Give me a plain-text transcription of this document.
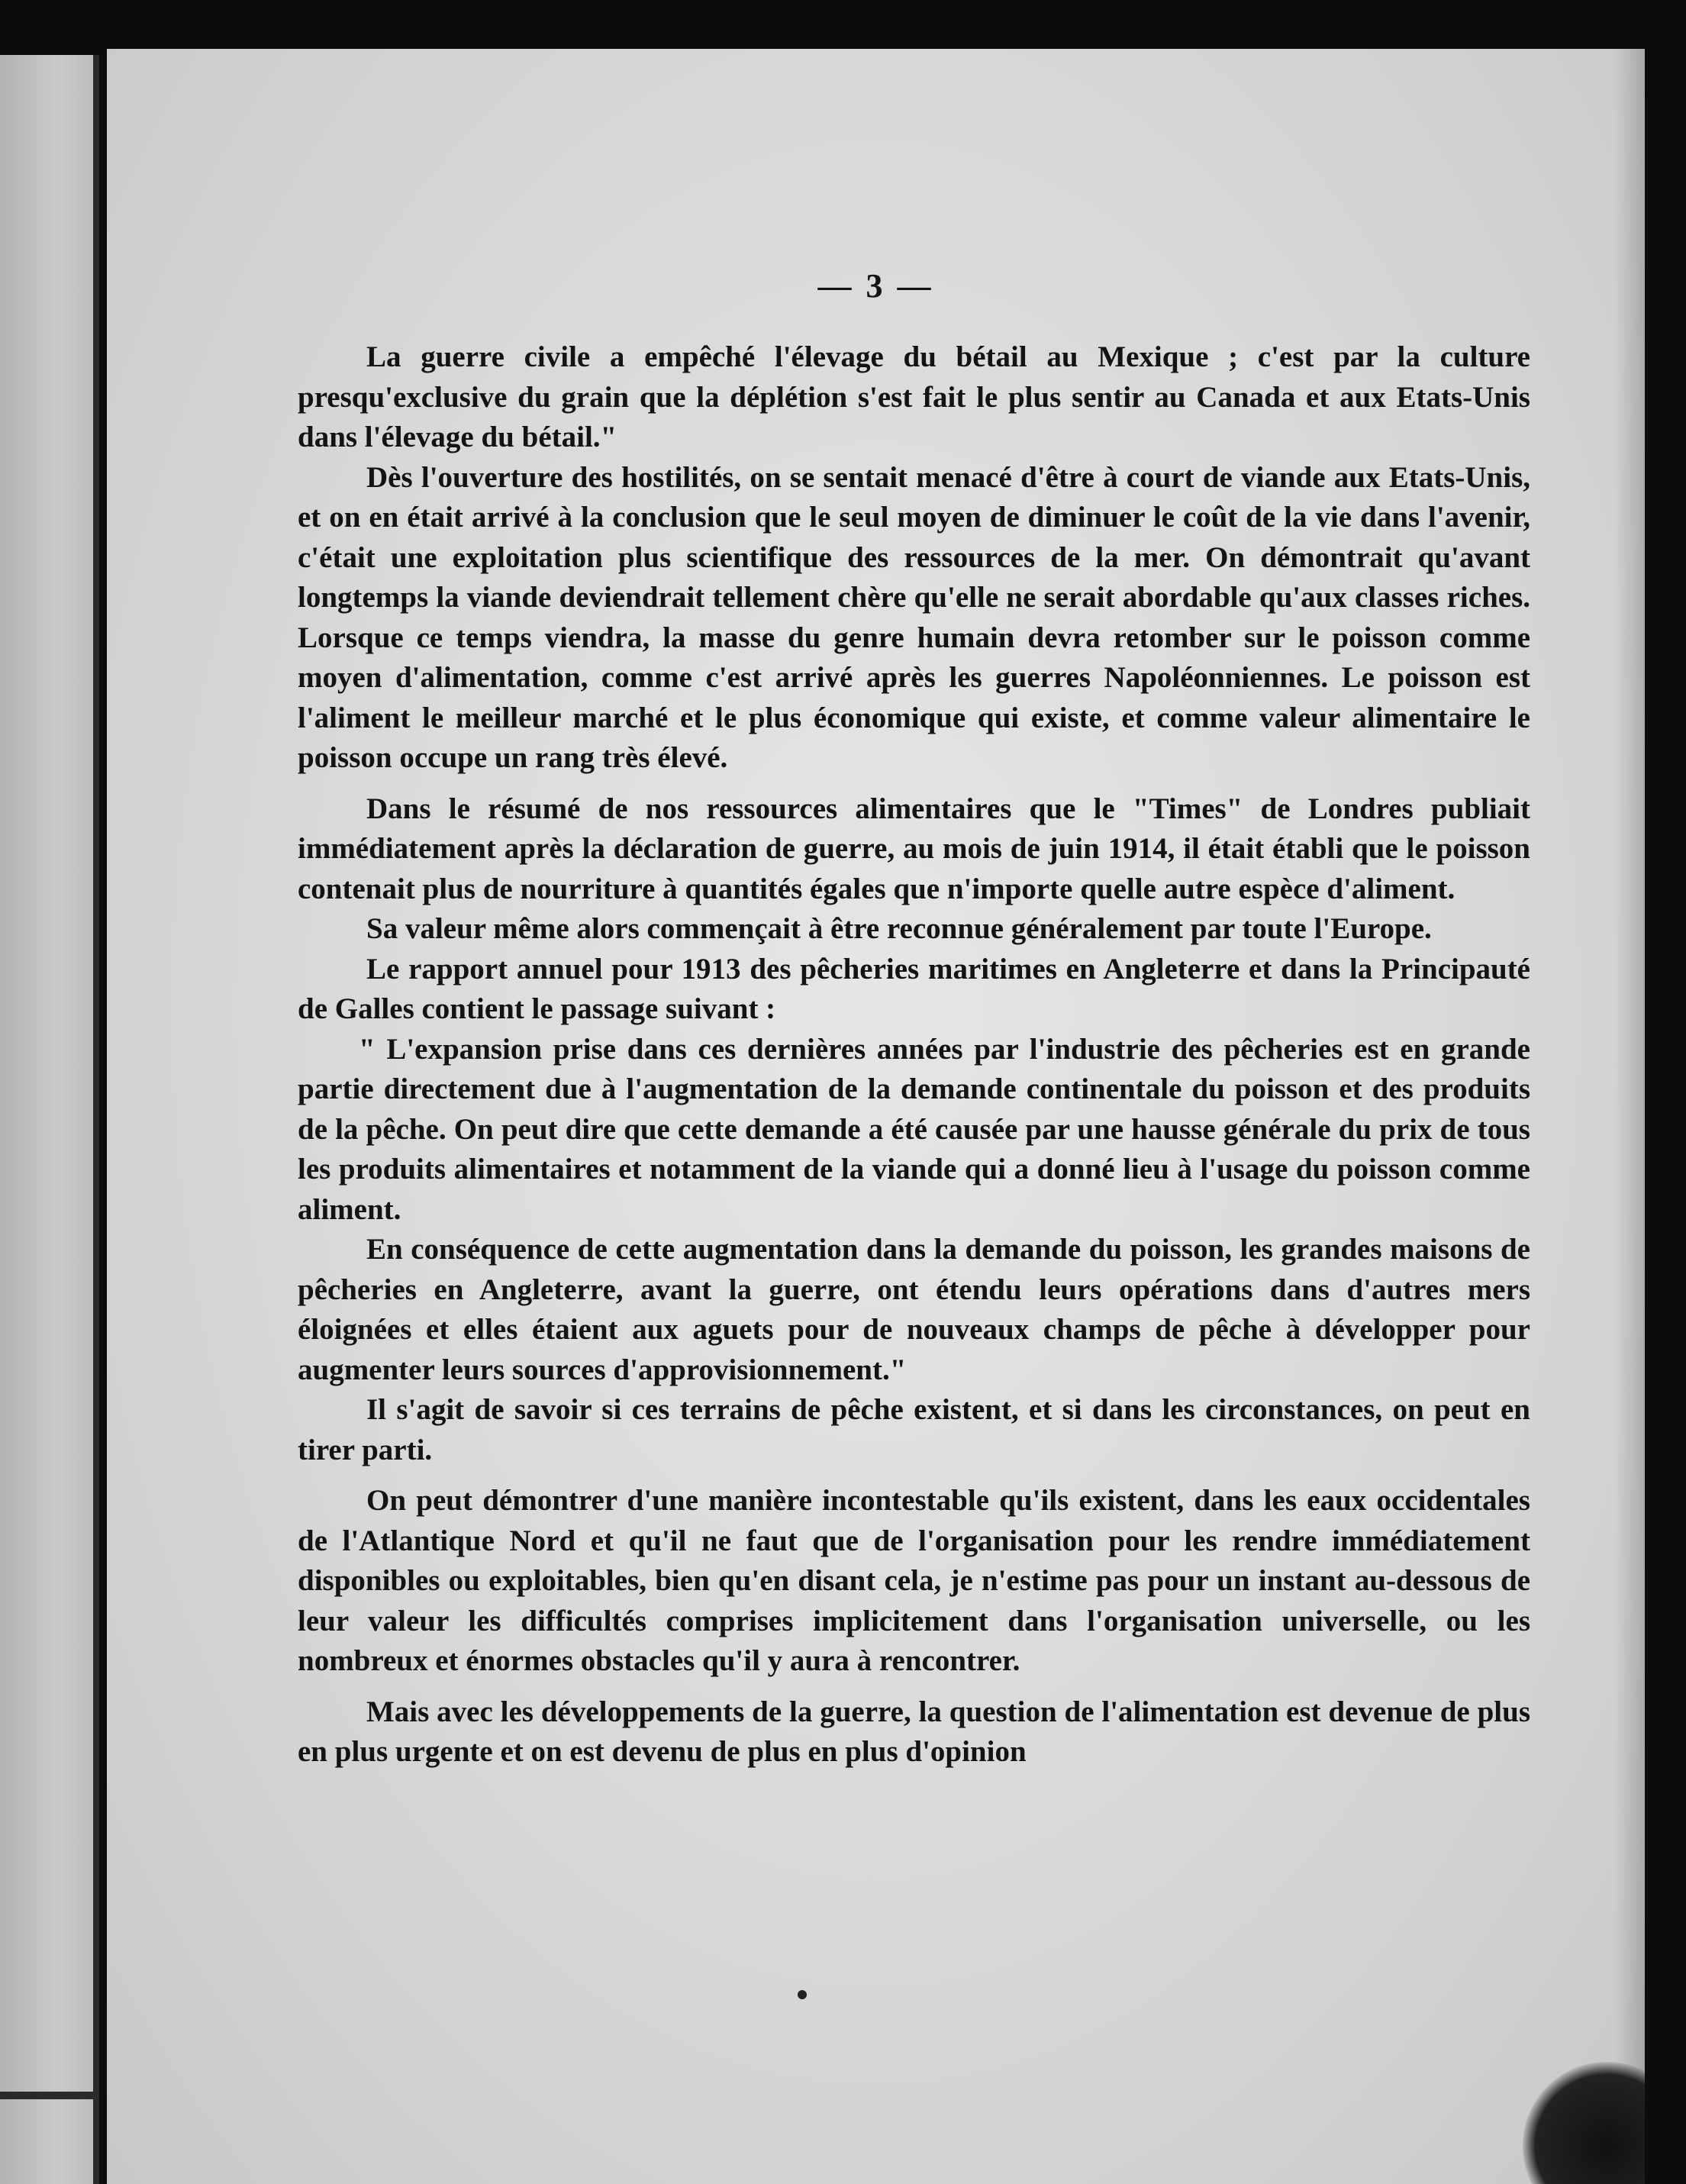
— 3 —

La guerre civile a empêché l'élevage du bétail au Mexique ; c'est par la culture presqu'exclusive du grain que la déplétion s'est fait le plus sentir au Canada et aux Etats-Unis dans l'élevage du bétail."

Dès l'ouverture des hostilités, on se sentait menacé d'être à court de viande aux Etats-Unis, et on en était arrivé à la conclusion que le seul moyen de diminuer le coût de la vie dans l'avenir, c'était une exploitation plus scientifique des ressources de la mer. On démontrait qu'avant longtemps la viande deviendrait tellement chère qu'elle ne serait abordable qu'aux classes riches. Lorsque ce temps viendra, la masse du genre humain devra retomber sur le poisson comme moyen d'alimentation, comme c'est arrivé après les guerres Napoléonniennes. Le poisson est l'aliment le meilleur marché et le plus économique qui existe, et comme valeur alimentaire le poisson occupe un rang très élevé.

Dans le résumé de nos ressources alimentaires que le "Times" de Londres publiait immédiatement après la déclaration de guerre, au mois de juin 1914, il était établi que le poisson contenait plus de nourriture à quantités égales que n'importe quelle autre espèce d'aliment.

Sa valeur même alors commençait à être reconnue généralement par toute l'Europe.

Le rapport annuel pour 1913 des pêcheries maritimes en Angleterre et dans la Principauté de Galles contient le passage suivant :

" L'expansion prise dans ces dernières années par l'industrie des pêcheries est en grande partie directement due à l'augmentation de la demande continentale du poisson et des produits de la pêche. On peut dire que cette demande a été causée par une hausse générale du prix de tous les produits alimentaires et notamment de la viande qui a donné lieu à l'usage du poisson comme aliment.

En conséquence de cette augmentation dans la demande du poisson, les grandes maisons de pêcheries en Angleterre, avant la guerre, ont étendu leurs opérations dans d'autres mers éloignées et elles étaient aux aguets pour de nouveaux champs de pêche à développer pour augmenter leurs sources d'approvisionnement."

Il s'agit de savoir si ces terrains de pêche existent, et si dans les circonstances, on peut en tirer parti.

On peut démontrer d'une manière incontestable qu'ils existent, dans les eaux occidentales de l'Atlantique Nord et qu'il ne faut que de l'organisation pour les rendre immédiatement disponibles ou exploitables, bien qu'en disant cela, je n'estime pas pour un instant au-dessous de leur valeur les difficultés comprises implicitement dans l'organisation universelle, ou les nombreux et énormes obstacles qu'il y aura à rencontrer.

Mais avec les développements de la guerre, la question de l'alimentation est devenue de plus en plus urgente et on est devenu de plus en plus d'opinion
